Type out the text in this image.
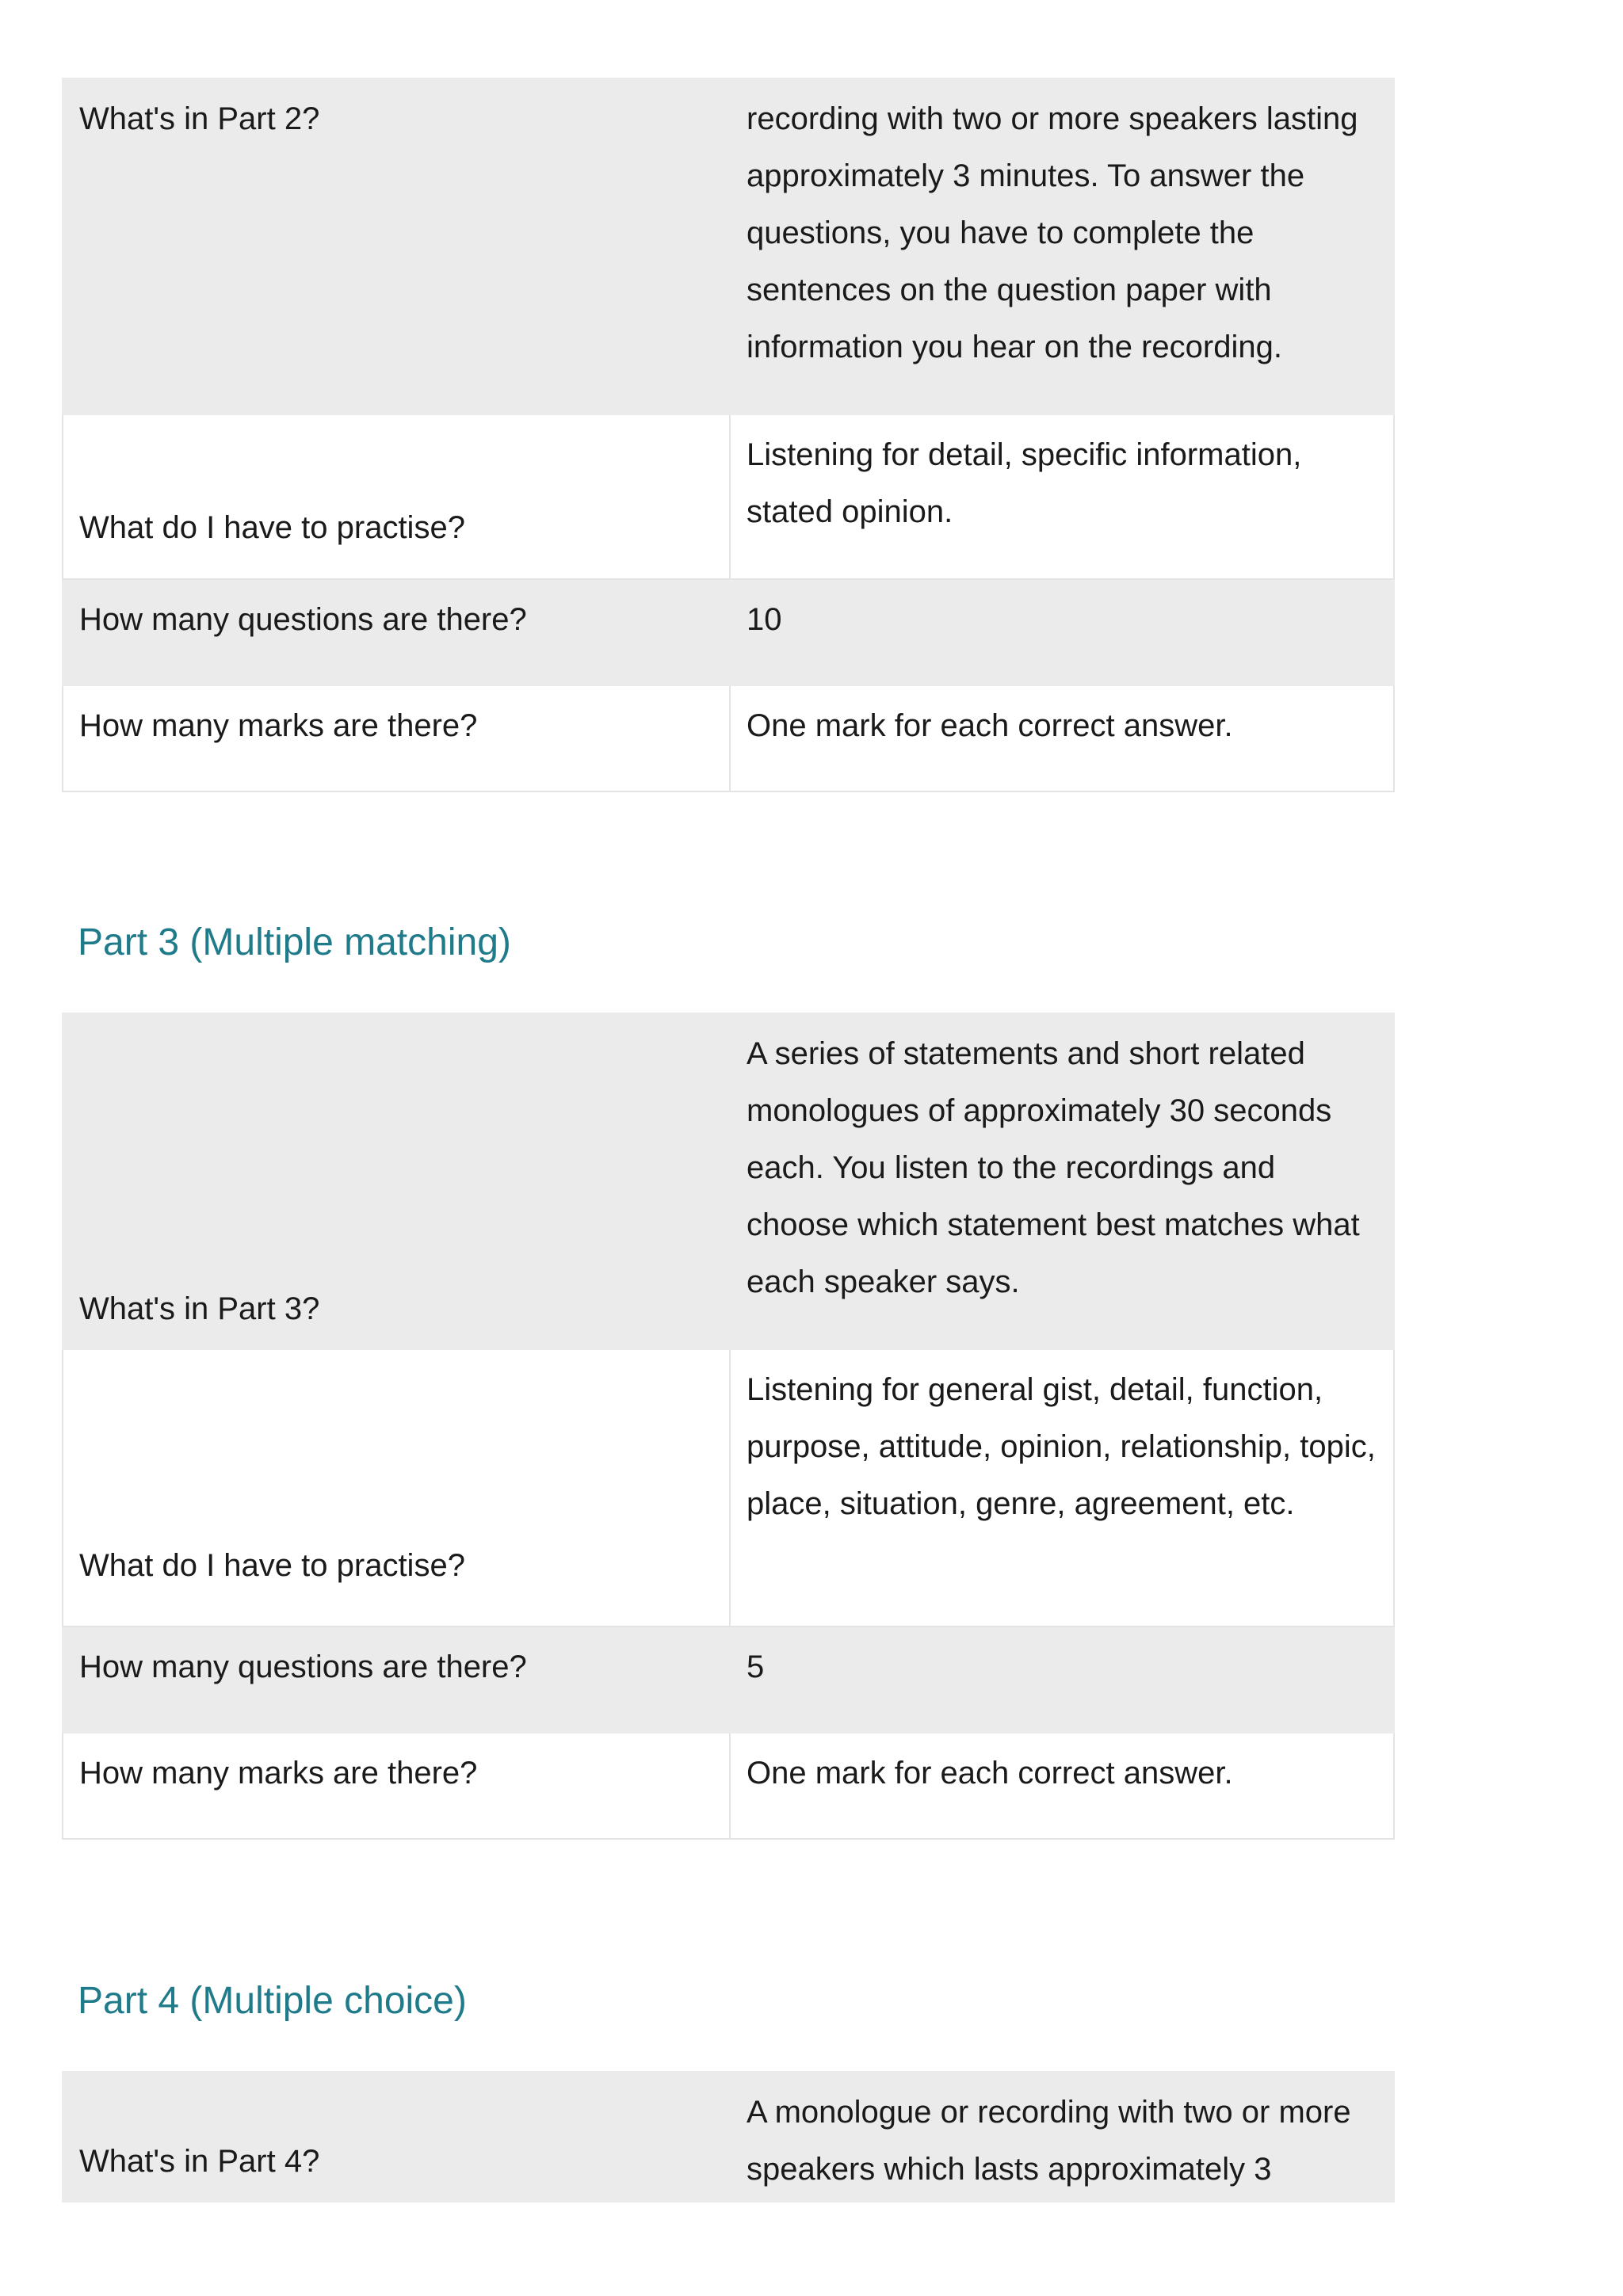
What's in Part 2?	recording with two or more speakers lasting approximately 3 minutes. To answer the questions, you have to complete the sentences on the question paper with information you hear on the recording.
What do I have to practise?	Listening for detail, specific information, stated opinion.
How many questions are there?	10
How many marks are there?	One mark for each correct answer.
Part 3 (Multiple matching)
What's in Part 3?	A series of statements and short related monologues of approximately 30 seconds each. You listen to the recordings and choose which statement best matches what each speaker says.
What do I have to practise?	Listening for general gist, detail, function, purpose, attitude, opinion, relationship, topic, place, situation, genre, agreement, etc.
How many questions are there?	5
How many marks are there?	One mark for each correct answer.
Part 4 (Multiple choice)
What's in Part 4?	A monologue or recording with two or more speakers which lasts approximately 3
